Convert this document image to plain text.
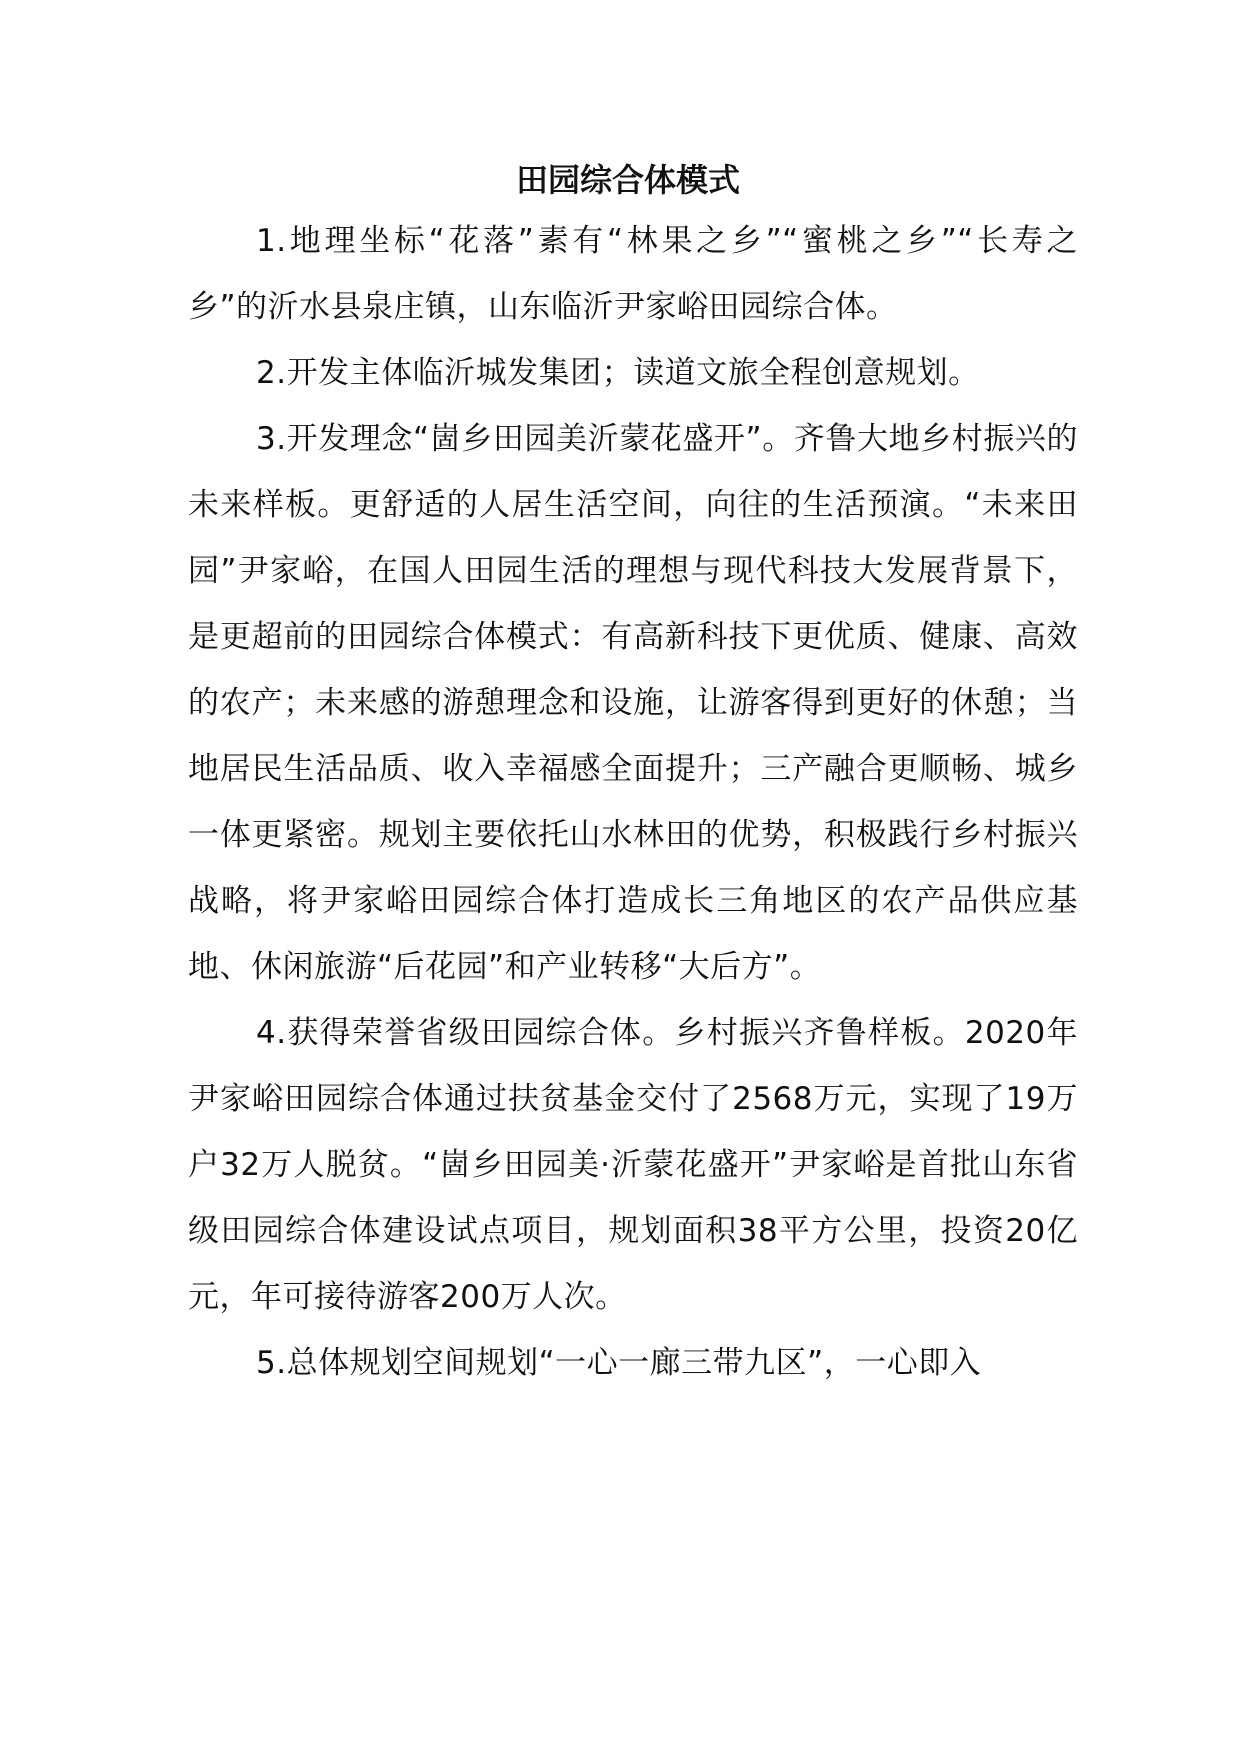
田园综合体模式

1.地理坐标“花落”素有“林果之乡”“蜜桃之乡”“长寿之乡”的沂水县泉庄镇，山东临沂尹家峪田园综合体。

2.开发主体临沂城发集团；读道文旅全程创意规划。

3.开发理念“崮乡田园美沂蒙花盛开”。齐鲁大地乡村振兴的未来样板。更舒适的人居生活空间，向往的生活预演。“未来田园”尹家峪，在国人田园生活的理想与现代科技大发展背景下，是更超前的田园综合体模式：有高新科技下更优质、健康、高效的农产；未来感的游憩理念和设施，让游客得到更好的休憩；当地居民生活品质、收入幸福感全面提升；三产融合更顺畅、城乡一体更紧密。规划主要依托山水林田的优势，积极践行乡村振兴战略，将尹家峪田园综合体打造成长三角地区的农产品供应基地、休闲旅游“后花园”和产业转移“大后方”。

4.获得荣誉省级田园综合体。乡村振兴齐鲁样板。2020年尹家峪田园综合体通过扶贫基金交付了2568万元，实现了19万户32万人脱贫。“崮乡田园美·沂蒙花盛开”尹家峪是首批山东省级田园综合体建设试点项目，规划面积38平方公里，投资20亿元，年可接待游客200万人次。

5.总体规划空间规划“一心一廊三带九区”，一心即入
